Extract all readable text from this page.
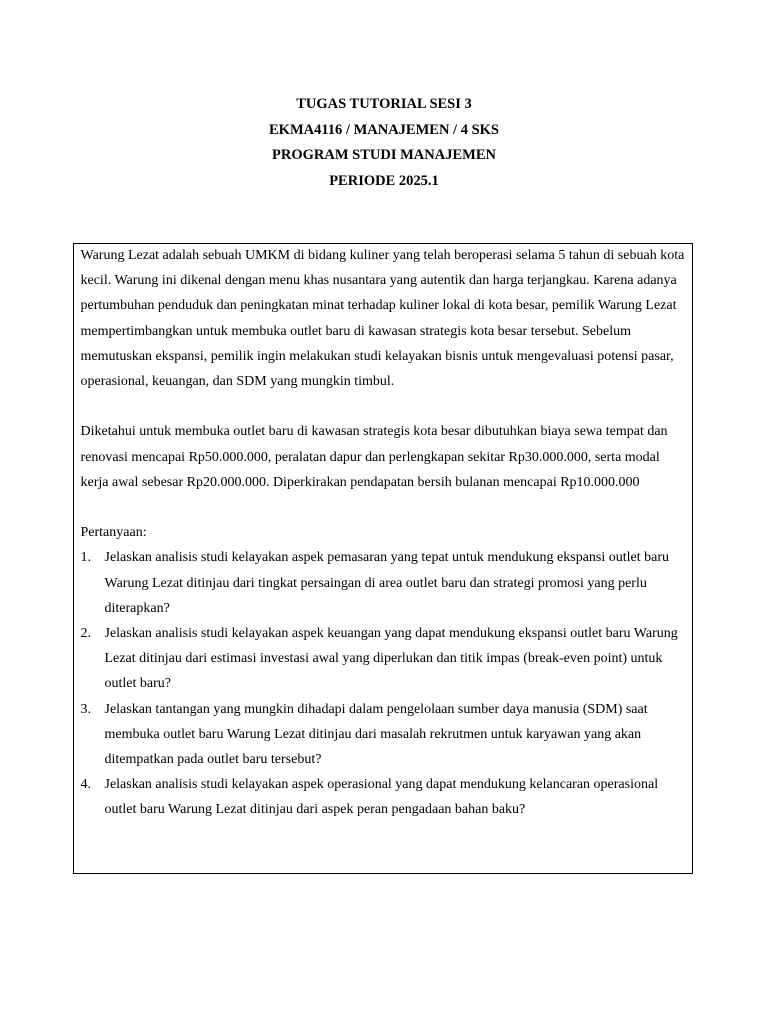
TUGAS TUTORIAL SESI 3

EKMA4116 / MANAJEMEN / 4 SKS

PROGRAM STUDI MANAJEMEN

PERIODE 2025.1

Warung Lezat adalah sebuah UMKM di bidang kuliner yang telah beroperasi selama 5 tahun di sebuah kota kecil. Warung ini dikenal dengan menu khas nusantara yang autentik dan harga terjangkau. Karena adanya pertumbuhan penduduk dan peningkatan minat terhadap kuliner lokal di kota besar, pemilik Warung Lezat mempertimbangkan untuk membuka outlet baru di kawasan strategis kota besar tersebut. Sebelum memutuskan ekspansi, pemilik ingin melakukan studi kelayakan bisnis untuk mengevaluasi potensi pasar, operasional, keuangan, dan SDM yang mungkin timbul.

Diketahui untuk membuka outlet baru di kawasan strategis kota besar dibutuhkan biaya sewa tempat dan renovasi mencapai Rp50.000.000, peralatan dapur dan perlengkapan sekitar Rp30.000.000, serta modal kerja awal sebesar Rp20.000.000. Diperkirakan pendapatan bersih bulanan mencapai Rp10.000.000

Pertanyaan:

1. Jelaskan analisis studi kelayakan aspek pemasaran yang tepat untuk mendukung ekspansi outlet baru Warung Lezat ditinjau dari tingkat persaingan di area outlet baru dan strategi promosi yang perlu diterapkan?
2. Jelaskan analisis studi kelayakan aspek keuangan yang dapat mendukung ekspansi outlet baru Warung Lezat ditinjau dari estimasi investasi awal yang diperlukan dan titik impas (break-even point) untuk outlet baru?
3. Jelaskan tantangan yang mungkin dihadapi dalam pengelolaan sumber daya manusia (SDM) saat membuka outlet baru Warung Lezat ditinjau dari masalah rekrutmen untuk karyawan yang akan ditempatkan pada outlet baru tersebut?
4. Jelaskan analisis studi kelayakan aspek operasional yang dapat mendukung kelancaran operasional outlet baru Warung Lezat ditinjau dari aspek peran pengadaan bahan baku?
